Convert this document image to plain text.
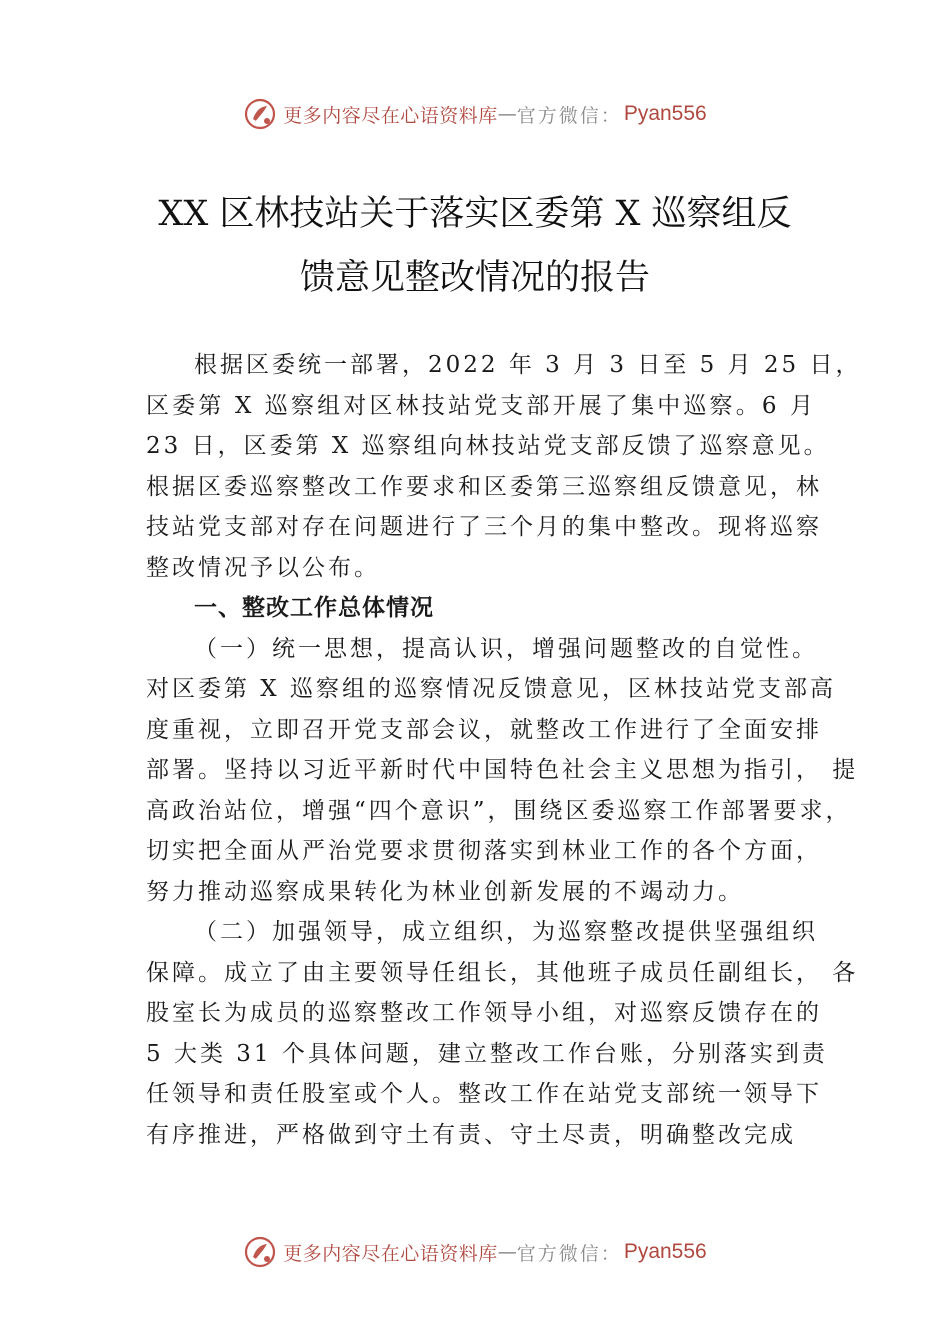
更多内容尽在心语资料库 — 官方微信： Pyan556
XX 区林技站关于落实区委第 X 巡察组反
馈意见整改情况的报告
根据区委统一部署，2022 年 3 月 3 日至 5 月 25 日，
区委第 X 巡察组对区林技站党支部开展了集中巡察。6 月
23 日，区委第 X 巡察组向林技站党支部反馈了巡察意见。
根据区委巡察整改工作要求和区委第三巡察组反馈意见，林
技站党支部对存在问题进行了三个月的集中整改。现将巡察
整改情况予以公布。
一、整改工作总体情况
（一）统一思想，提高认识，增强问题整改的自觉性。
对区委第 X 巡察组的巡察情况反馈意见，区林技站党支部高
度重视，立即召开党支部会议，就整改工作进行了全面安排
部署。坚持以习近平新时代中国特色社会主义思想为指引， 提
高政治站位，增强“四个意识”，围绕区委巡察工作部署要求，
切实把全面从严治党要求贯彻落实到林业工作的各个方面，
努力推动巡察成果转化为林业创新发展的不竭动力。
（二）加强领导，成立组织，为巡察整改提供坚强组织
保障。成立了由主要领导任组长，其他班子成员任副组长， 各
股室长为成员的巡察整改工作领导小组，对巡察反馈存在的
5 大类 31 个具体问题，建立整改工作台账，分别落实到责
任领导和责任股室或个人。整改工作在站党支部统一领导下
有序推进，严格做到守土有责、守土尽责，明确整改完成
更多内容尽在心语资料库 — 官方微信： Pyan556
